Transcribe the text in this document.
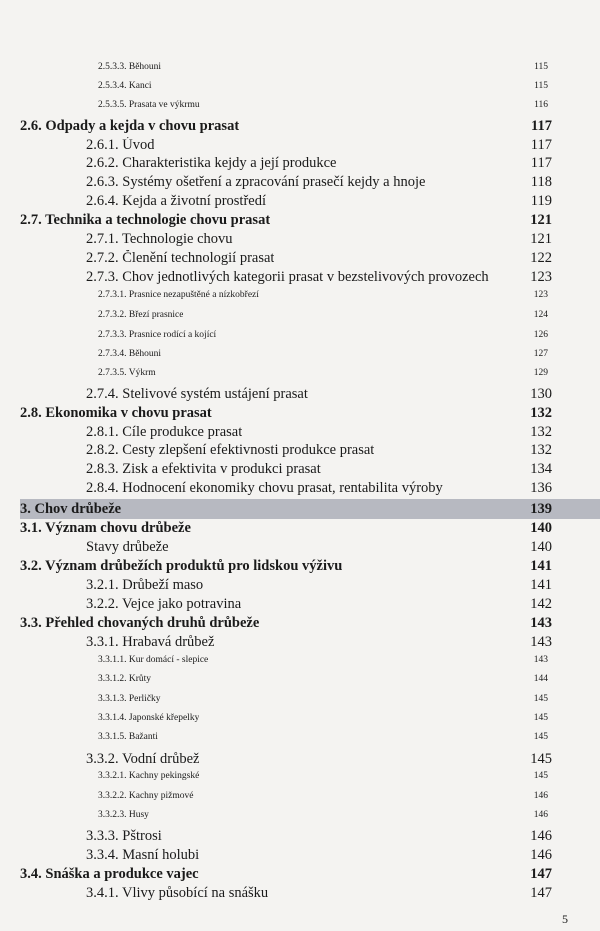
2.5.3.3. Běhouni	115
2.5.3.4. Kanci	115
2.5.3.5. Prasata ve výkrmu	116
2.6. Odpady a kejda v chovu prasat	117
2.6.1. Úvod	117
2.6.2. Charakteristika kejdy a její produkce	117
2.6.3. Systémy ošetření a zpracování prasečí kejdy a hnoje	118
2.6.4. Kejda a životní prostředí	119
2.7. Technika a technologie chovu prasat	121
2.7.1. Technologie chovu	121
2.7.2. Členění technologií prasat	122
2.7.3. Chov jednotlivých kategorii prasat v bezstelivových provozech	123
2.7.3.1. Prasnice nezapuštěné a nízkobřezí	123
2.7.3.2. Březí prasnice	124
2.7.3.3. Prasnice rodící a kojící	126
2.7.3.4. Běhouni	127
2.7.3.5. Výkrm	129
2.7.4. Stelivové systém ustájení prasat	130
2.8. Ekonomika v chovu prasat	132
2.8.1. Cíle produkce prasat	132
2.8.2. Cesty zlepšení efektivnosti produkce prasat	132
2.8.3. Zisk a efektivita v produkci prasat	134
2.8.4. Hodnocení ekonomiky chovu prasat, rentabilita výroby	136
3. Chov drůbeže	139
3.1. Význam chovu drůbeže	140
Stavy drůbeže	140
3.2. Význam drůbežích produktů pro lidskou výživu	141
3.2.1. Drůbeží maso	141
3.2.2. Vejce jako potravina	142
3.3. Přehled chovaných druhů drůbeže	143
3.3.1. Hrabavá drůbež	143
3.3.1.1. Kur domácí - slepice	143
3.3.1.2. Krůty	144
3.3.1.3. Perličky	145
3.3.1.4. Japonské křepelky	145
3.3.1.5. Bažanti	145
3.3.2. Vodní drůbež	145
3.3.2.1. Kachny pekingské	145
3.3.2.2. Kachny pižmové	146
3.3.2.3. Husy	146
3.3.3. Pštrosi	146
3.3.4. Masní holubi	146
3.4. Snáška a produkce vajec	147
3.4.1. Vlivy působící na snášku	147
5
